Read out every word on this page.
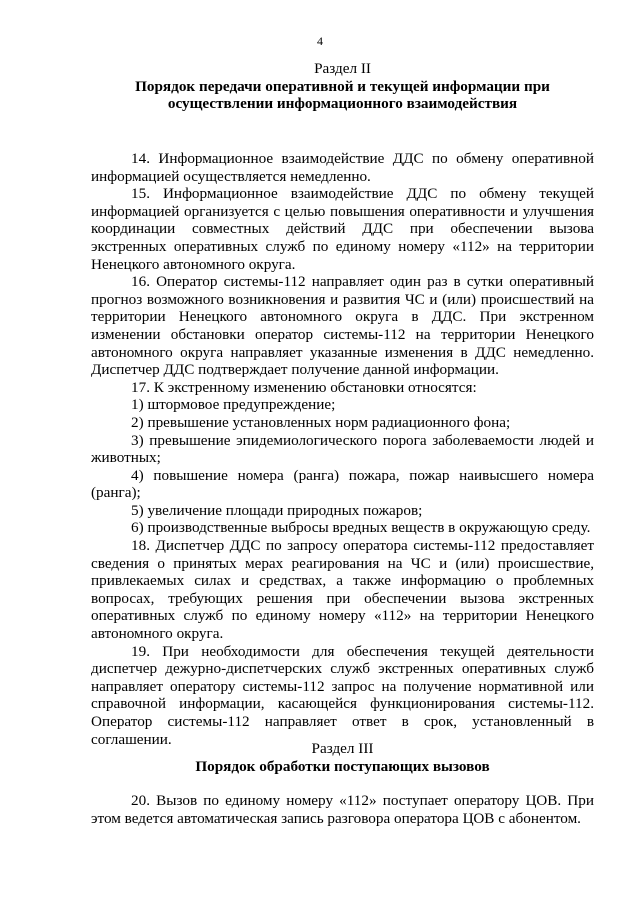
4
Раздел II
Порядок передачи оперативной и текущей информации при осуществлении информационного взаимодействия

14. Информационное взаимодействие ДДС по обмену оперативной информацией осуществляется немедленно.

15. Информационное взаимодействие ДДС по обмену текущей информацией организуется с целью повышения оперативности и улучшения координации совместных действий ДДС при обеспечении вызова экстренных оперативных служб по единому номеру «112» на территории Ненецкого автономного округа.

16. Оператор системы-112 направляет один раз в сутки оперативный прогноз возможного возникновения и развития ЧС и (или) происшествий на территории Ненецкого автономного округа в ДДС. При экстренном изменении обстановки оператор системы-112 на территории Ненецкого автономного округа направляет указанные изменения в ДДС немедленно. Диспетчер ДДС подтверждает получение данной информации.

17. К экстренному изменению обстановки относятся:

1) штормовое предупреждение;

2) превышение установленных норм радиационного фона;

3) превышение эпидемиологического порога заболеваемости людей и животных;

4) повышение номера (ранга) пожара, пожар наивысшего номера (ранга);

5) увеличение площади природных пожаров;

6) производственные выбросы вредных веществ в окружающую среду.

18. Диспетчер ДДС по запросу оператора системы-112 предоставляет сведения о принятых мерах реагирования на ЧС и (или) происшествие, привлекаемых силах и средствах, а также информацию о проблемных вопросах, требующих решения при обеспечении вызова экстренных оперативных служб по единому номеру «112» на территории Ненецкого автономного округа.

19. При необходимости для обеспечения текущей деятельности диспетчер дежурно-диспетчерских служб экстренных оперативных служб направляет оператору системы-112 запрос на получение нормативной или справочной информации, касающейся функционирования системы-112. Оператор системы-112 направляет ответ в срок, установленный в соглашении.

Раздел III
Порядок обработки поступающих вызовов

20. Вызов по единому номеру «112» поступает оператору ЦОВ. При этом ведется автоматическая запись разговора оператора ЦОВ с абонентом.
